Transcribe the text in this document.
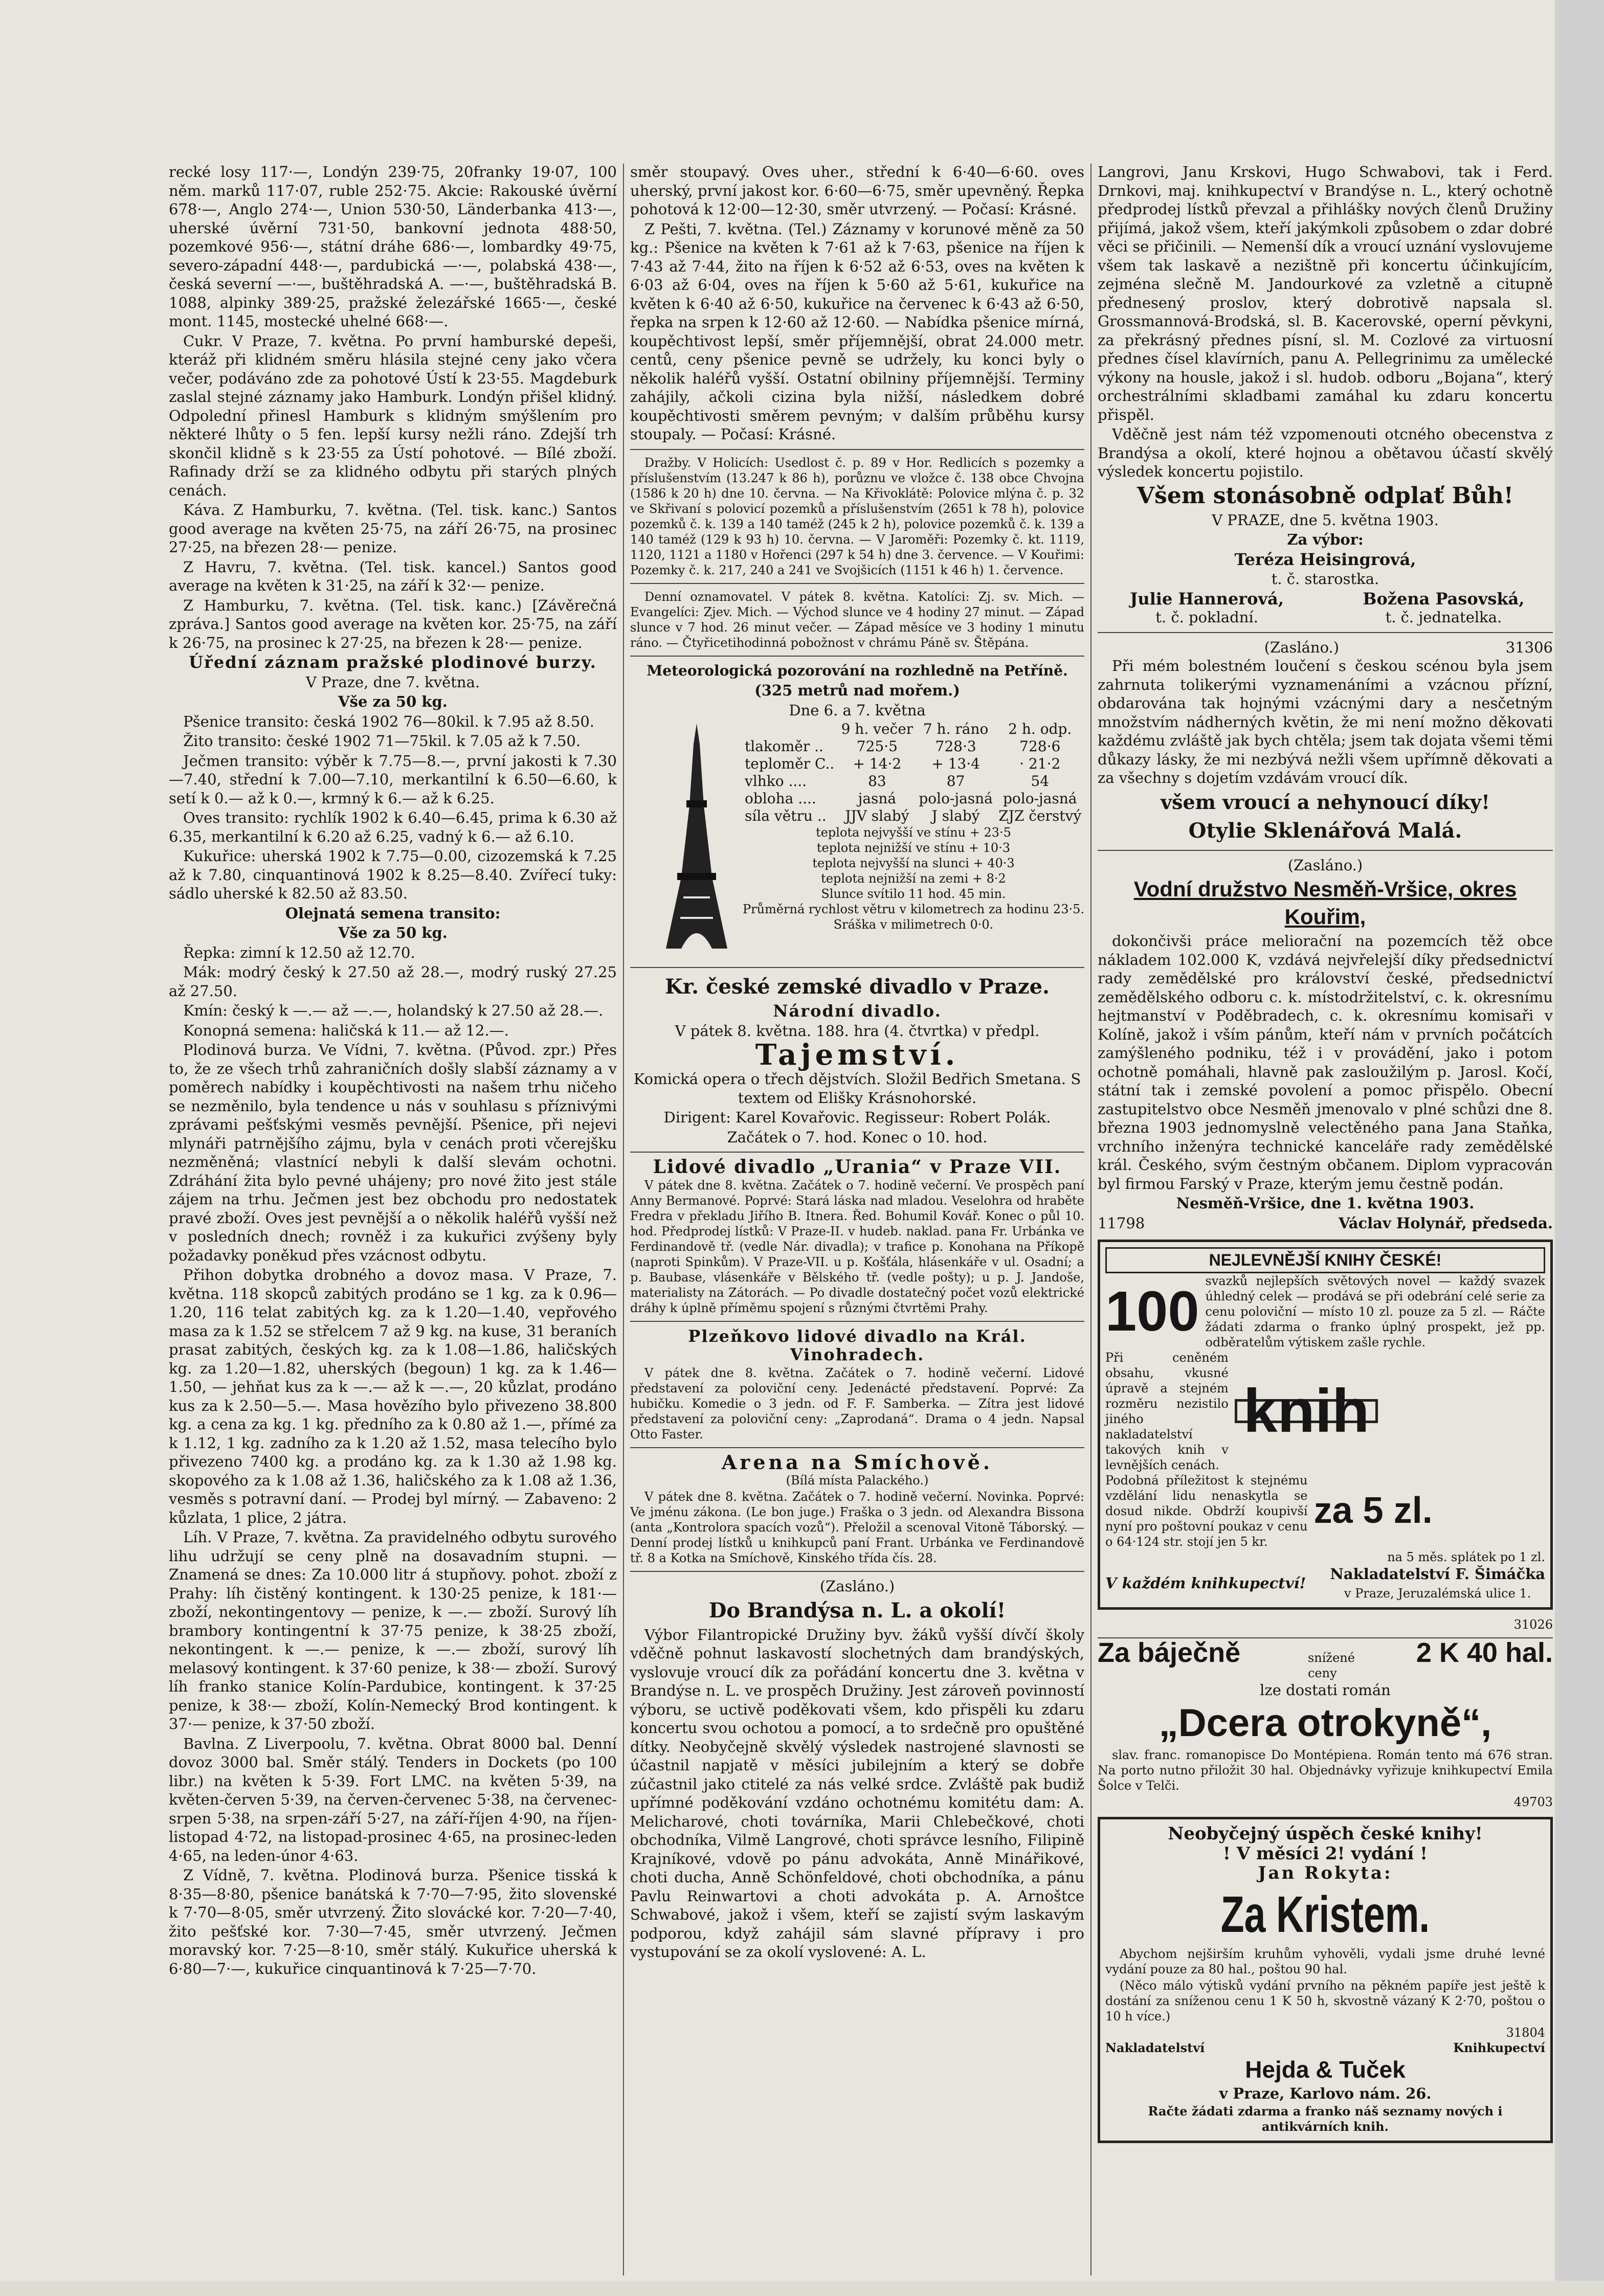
recké losy 117·—, Londýn 239·75, 20franky 19·07, 100 něm. marků 117·07, ruble 252·75. Akcie: Rakouské úvěrní 678·—, Anglo 274·—, Union 530·50, Länderbanka 413·—, uherské úvěrní 731·50, bankovní jednota 488·50, pozemkové 956·—, státní dráhe 686·—, lombardky 49·75, severo-západní 448·—, pardubická —·—, polabská 438·—, česká severní —·—, buštěhradská A. —·—, buštěhradská B. 1088, alpinky 389·25, pražské železářské 1665·—, české mont. 1145, mostecké uhelné 668·—.

Cukr. V Praze, 7. května. Po první hamburské depeši, kteráž při klidném směru hlásila stejné ceny jako včera večer, podáváno zde za pohotové Ústí k 23·55. Magdeburk zaslal stejné záznamy jako Hamburk. Londýn přišel klidný. Odpolední přinesl Hamburk s klidným smýšlením pro některé lhůty o 5 fen. lepší kursy nežli ráno. Zdejší trh skončil klidně s k 23·55 za Ústí pohotové. — Bílé zboží. Rafinady drží se za klidného odbytu při starých plných cenách.

Káva. Z Hamburku, 7. května. (Tel. tisk. kanc.) Santos good average na květen 25·75, na září 26·75, na prosinec 27·25, na březen 28·— penize.

Z Havru, 7. května. (Tel. tisk. kancel.) Santos good average na květen k 31·25, na září k 32·— penize.

Z Hamburku, 7. května. (Tel. tisk. kanc.) [Závěrečná zpráva.] Santos good average na květen kor. 25·75, na září k 26·75, na prosinec k 27·25, na březen k 28·— penize.

Úřední záznam pražské plodinové burzy.

V Praze, dne 7. května.

Vše za 50 kg.

Pšenice transito: česká 1902 76—80kil. k 7.95 až 8.50.

Žito transito: české 1902 71—75kil. k 7.05 až k 7.50.

Ječmen transito: výběr k 7.75—8.—, první jakosti k 7.30—7.40, střední k 7.00—7.10, merkantilní k 6.50—6.60, k setí k 0.— až k 0.—, krmný k 6.— až k 6.25.

Oves transito: rychlík 1902 k 6.40—6.45, prima k 6.30 až 6.35, merkantilní k 6.20 až 6.25, vadný k 6.— až 6.10.

Kukuřice: uherská 1902 k 7.75—0.00, cizozemská k 7.25 až k 7.80, cinquantinová 1902 k 8.25—8.40. Zvířecí tuky: sádlo uherské k 82.50 až 83.50.

Olejnatá semena transito:

Vše za 50 kg.

Řepka: zimní k 12.50 až 12.70.

Mák: modrý český k 27.50 až 28.—, modrý ruský 27.25 až 27.50.

Kmín: český k —.— až —.—, holandský k 27.50 až 28.—.

Konopná semena: haličská k 11.— až 12.—.

Plodinová burza. Ve Vídni, 7. května. (Původ. zpr.) Přes to, že ze všech trhů zahraničních došly slabší záznamy a v poměrech nabídky i koupěchtivosti na našem trhu ničeho se nezměnilo, byla tendence u nás v souhlasu s příznivými zprávami pešťskými vesměs pevnější. Pšenice, při nejevi mlynáři patrnějšího zájmu, byla v cenách proti včerejšku nezměněná; vlastnící nebyli k další slevám ochotni. Zdráhání žita bylo pevné uhájeny; pro nové žito jest stále zájem na trhu. Ječmen jest bez obchodu pro nedostatek pravé zboží. Oves jest pevnější a o několik haléřů vyšší než v posledních dnech; rovněž i za kukuřici zvýšeny byly požadavky poněkud přes vzácnost odbytu.

Přihon dobytka drobného a dovoz masa. V Praze, 7. května. 118 skopců zabitých prodáno se 1 kg. za k 0.96—1.20, 116 telat zabitých kg. za k 1.20—1.40, vepřového masa za k 1.52 se střelcem 7 až 9 kg. na kuse, 31 beraních prasat zabitých, českých kg. za k 1.08—1.86, haličských kg. za 1.20—1.82, uherských (begoun) 1 kg. za k 1.46—1.50, — jehňat kus za k —.— až k —.—, 20 kůzlat, prodáno kus za k 2.50—5.—. Masa hovězího bylo přivezeno 38.800 kg. a cena za kg. 1 kg. předního za k 0.80 až 1.—, přímé za k 1.12, 1 kg. zadního za k 1.20 až 1.52, masa telecího bylo přivezeno 7400 kg. a prodáno kg. za k 1.30 až 1.98 kg. skopového za k 1.08 až 1.36, haličského za k 1.08 až 1.36, vesměs s potravní daní. — Prodej byl mírný. — Zabaveno: 2 kůzlata, 1 plice, 2 játra.

Líh. V Praze, 7. května. Za pravidelného odbytu surového lihu udržují se ceny plně na dosavadním stupni. — Znamená se dnes: Za 10.000 litr á stupňovy. pohot. zboží z Prahy: líh čistěný kontingent. k 130·25 penize, k 181·— zboží, nekontingentovy — penize, k —.— zboží. Surový líh brambory kontingentní k 37·75 penize, k 38·25 zboží, nekontingent. k —.— penize, k —.— zboží, surový líh melasový kontingent. k 37·60 penize, k 38·— zboží. Surový líh franko stanice Kolín-Pardubice, kontingent. k 37·25 penize, k 38·— zboží, Kolín-Nemecký Brod kontingent. k 37·— penize, k 37·50 zboží.

Bavlna. Z Liverpoolu, 7. května. Obrat 8000 bal. Denní dovoz 3000 bal. Směr stálý. Tenders in Dockets (po 100 libr.) na květen k 5·39. Fort LMC. na květen 5·39, na květen-červen 5·39, na červen-červenec 5·38, na červenec-srpen 5·38, na srpen-září 5·27, na září-říjen 4·90, na říjen-listopad 4·72, na listopad-prosinec 4·65, na prosinec-leden 4·65, na leden-únor 4·63.

Z Vídně, 7. května. Plodinová burza. Pšenice tisská k 8·35—8·80, pšenice banátská k 7·70—7·95, žito slovenské k 7·70—8·05, směr utvrzený. Žito slovácké kor. 7·20—7·40, žito pešťské kor. 7·30—7·45, směr utvrzený. Ječmen moravský kor. 7·25—8·10, směr stálý. Kukuřice uherská k 6·80—7·—, kukuřice cinquantinová k 7·25—7·70.

směr stoupavý. Oves uher., střední k 6·40—6·60. oves uherský, první jakost kor. 6·60—6·75, směr upevněný. Řepka pohotová k 12·00—12·30, směr utvrzený. — Počasí: Krásné.

Z Pešti, 7. května. (Tel.) Záznamy v korunové měně za 50 kg.: Pšenice na květen k 7·61 až k 7·63, pšenice na říjen k 7·43 až 7·44, žito na říjen k 6·52 až 6·53, oves na květen k 6·03 až 6·04, oves na říjen k 5·60 až 5·61, kukuřice na květen k 6·40 až 6·50, kukuřice na červenec k 6·43 až 6·50, řepka na srpen k 12·60 až 12·60. — Nabídka pšenice mírná, koupěchtivost lepší, směr příjemnější, obrat 24.000 metr. centů, ceny pšenice pevně se udržely, ku konci byly o několik haléřů vyšší. Ostatní obilniny příjemnější. Terminy zahájily, ačkoli cizina byla nižší, následkem dobré koupěchtivosti směrem pevným; v dalším průběhu kursy stoupaly. — Počasí: Krásné.

Dražby. V Holicích: Usedlost č. p. 89 v Hor. Redlicích s pozemky a příslušenstvím (13.247 k 86 h), porůznu ve vložce č. 138 obce Chvojna (1586 k 20 h) dne 10. června. — Na Křivoklátě: Polovice mlýna č. p. 32 ve Skřivaní s polovicí pozemků a příslušenstvím (2651 k 78 h), polovice pozemků č. k. 139 a 140 taméž (245 k 2 h), polovice pozemků č. k. 139 a 140 taméž (129 k 93 h) 10. června. — V Jaroměři: Pozemky č. kt. 1119, 1120, 1121 a 1180 v Hořenci (297 k 54 h) dne 3. července. — V Kouřimi: Pozemky č. k. 217, 240 a 241 ve Svojšicích (1151 k 46 h) 1. července.

Denní oznamovatel. V pátek 8. května. Katolíci: Zj. sv. Mich. — Evangelíci: Zjev. Mich. — Východ slunce ve 4 hodiny 27 minut. — Západ slunce v 7 hod. 26 minut večer. — Západ měsíce ve 3 hodiny 1 minutu ráno. — Čtyřicetihodinná pobožnost v chrámu Páně sv. Štěpána.

Meteorologická pozorování na rozhledně na Petříně.

(325 metrů nad mořem.)

Dne 6. a 7. května

	9 h. večer	7 h. ráno	2 h. odp.
tlakoměr ..	725·5	728·3	728·6
teploměr C..	+ 14·2	+ 13·4	· 21·2
vlhko ....	83	87	54
obloha ....	jasná	polo-jasná	polo-jasná
síla větru ..	JJV slabý	J slabý	ZJZ čerstvý
teplota nejvyšší ve stínu + 23·5
teplota nejnižší ve stínu + 10·3
teplota nejvyšší na slunci + 40·3
teplota nejnižší na zemi + 8·2
Slunce svítilo 11 hod. 45 min.
Průměrná rychlost větru v kilometrech za hodinu 23·5.
Sráška v milimetrech 0·0.

Kr. české zemské divadlo v Praze.

Národní divadlo.

V pátek 8. května. 188. hra (4. čtvrtka) v předpl.

Tajemství.

Komická opera o třech dějstvích. Složil Bedřich Smetana. S textem od Elišky Krásnohorské.

Dirigent: Karel Kovařovic. Regisseur: Robert Polák.

Začátek o 7. hod. Konec o 10. hod.

Lidové divadlo „Urania“ v Praze VII.

V pátek dne 8. května. Začátek o 7. hodině večerní. Ve prospěch paní Anny Bermanové. Poprvé: Stará láska nad mladou. Veselohra od hraběte Fredra v překladu Jiřího B. Itnera. Řed. Bohumil Kovář. Konec o půl 10. hod. Předprodej lístků: V Praze-II. v hudeb. naklad. pana Fr. Urbánka ve Ferdinandově tř. (vedle Nár. divadla); v trafice p. Konohana na Příkopě (naproti Spinkům). V Praze-VII. u p. Košťála, hlásenkáře v ul. Osadní; a p. Baubase, vlásenkáře v Bělského tř. (vedle pošty); u p. J. Jandoše, materialisty na Zátorách. — Po divadle dostatečný počet vozů elektrické dráhy k úplně příměmu spojení s různými čtvrtěmi Prahy.

Plzeňkovo lidové divadlo na Král. Vinohradech.

V pátek dne 8. května. Začátek o 7. hodině večerní. Lidové představení za poloviční ceny. Jedenácté představení. Poprvé: Za hubičku. Komedie o 3 jedn. od F. F. Samberka. — Zítra jest lidové představení za poloviční ceny: „Zaprodaná“. Drama o 4 jedn. Napsal Otto Faster.

Arena na Smíchově.

(Bílá místa Palackého.)

V pátek dne 8. května. Začátek o 7. hodině večerní. Novinka. Poprvé: Ve jménu zákona. (Le bon juge.) Fraška o 3 jedn. od Alexandra Bissona (anta „Kontrolora spacích vozů“). Přeložil a scenoval Vitoně Táborský. — Denní prodej lístků u knihkupců paní Frant. Urbánka ve Ferdinandově tř. 8 a Kotka na Smíchově, Kinského třída čís. 28.

(Zasláno.)

Do Brandýsa n. L. a okolí!

Výbor Filantropické Družiny byv. žáků vyšší dívčí školy vděčně pohnut laskavostí slochetných dam brandýských, vyslovuje vroucí dík za pořádání koncertu dne 3. května v Brandýse n. L. ve prospěch Družiny. Jest zároveň povinností výboru, se uctivě poděkovati všem, kdo přispěli ku zdaru koncertu svou ochotou a pomocí, a to srdečně pro opuštěné dítky. Neobyčejně skvělý výsledek nastrojené slavnosti se účastnil napjatě v měsíci jubilejním a který se dobře zúčastnil jako ctitelé za nás velké srdce. Zvláště pak budiž upřímné poděkování vzdáno ochotnému komitétu dam: A. Melicharové, choti továrníka, Marii Chlebečkové, choti obchodníka, Vilmě Langrové, choti správce lesního, Filipině Krajníkové, vdově po pánu advokáta, Anně Minářikové, choti ducha, Anně Schönfeldové, choti obchodníka, a pánu Pavlu Reinwartovi a choti advokáta p. A. Arnoštce Schwabové, jakož i všem, kteří se zajistí svým laskavým podporou, když zahájil sám slavné přípravy i pro vystupování se za okolí vyslovené: A. L.

Langrovi, Janu Krskovi, Hugo Schwabovi, tak i Ferd. Drnkovi, maj. knihkupectví v Brandýse n. L., který ochotně předprodej lístků převzal a přihlášky nových členů Družiny přijímá, jakož všem, kteří jakýmkoli způsobem o zdar dobré věci se přičinili. — Nemenší dík a vroucí uznání vyslovujeme všem tak laskavě a nezištně při koncertu účinkujícím, zejména slečně M. Jandourkové za vzletně a citupně přednesený proslov, který dobrotivě napsala sl. Grossmannová-Brodská, sl. B. Kacerovské, operní pěvkyni, za překrásný přednes písní, sl. M. Cozlové za virtuosní přednes čísel klavírních, panu A. Pellegrinimu za umělecké výkony na housle, jakož i sl. hudob. odboru „Bojana“, který orchestrálními skladbami zamáhal ku zdaru koncertu přispěl.

Vděčně jest nám též vzpomenouti otcného obecenstva z Brandýsa a okolí, které hojnou a obětavou účastí skvělý výsledek koncertu pojistilo.

Všem stonásobně odplať Bůh!

V PRAZE, dne 5. května 1903.

Za výbor:

Teréza Heisingrová,

t. č. starostka.

Julie Hannerová,
t. č. pokladní.
Božena Pasovská,
t. č. jednatelka.
(Zasláno.)	31306

Při mém bolestném loučení s českou scénou byla jsem zahrnuta tolikerými vyznamenáními a vzácnou přízní, obdarována tak hojnými vzácnými dary a nesčetným množstvím nádherných květin, že mi není možno děkovati každému zvláště jak bych chtěla; jsem tak dojata všemi těmi důkazy lásky, že mi nezbývá nežli všem upřímně děkovati a za všechny s dojetím vzdávám vroucí dík.

všem vroucí a nehynoucí díky!

Otylie Sklenářová Malá.

(Zasláno.)

Vodní družstvo Nesměň-Vršice, okres Kouřim,

dokončivši práce meliorační na pozemcích těž obce nákladem 102.000 K, vzdává nejvřelejší díky předsednictví rady zemědělské pro království české, předsednictví zemědělského odboru c. k. místodržitelství, c. k. okresnímu hejtmanství v Poděbradech, c. k. okresnímu komisaři v Kolíně, jakož i vším pánům, kteří nám v prvních počátcích zamýšleného podniku, též i v provádění, jako i potom ochotně pomáhali, hlavně pak zasloužilým p. Jarosl. Kočí, státní tak i zemské povolení a pomoc přispělo. Obecní zastupitelstvo obce Nesměň jmenovalo v plné schůzi dne 8. března 1903 jednomyslně velectěného pana Jana Staňka, vrchního inženýra technické kanceláře rady zemědělské král. Českého, svým čestným občanem. Diplom vypracován byl firmou Farský v Praze, kterým jemu čestně podán.

Nesměň-Vršice, dne 1. května 1903.

11798	Václav Holynář, předseda.
NEJLEVNĚJŠÍ KNIHY ČESKÉ!
100 svazků nejlepších světových novel — každý svazek úhledný celek — prodává se při odebrání celé serie za cenu poloviční — místo 10 zl. pouze za 5 zl. — Ráčte žádati zdarma o franko úplný prospekt, jež pp. odběratelům výtiskem zašle rychle.
Při ceněném obsahu, vkusné úpravě a stejném rozměru nezistilo jiného nakladatelství takových knih v levnějších cenách.
knih
Podobná příležitost k stejnému vzdělání lidu nenaskytla se dosud nikde. Obdrží koupivší nyní pro poštovní poukaz v cenu o 64·124 str. stojí jen 5 kr.
za 5 zl.
na 5 měs. splátek po 1 zl.
V každém knihkupectví!
Nakladatelství F. Šimáčka
v Praze, Jeruzalémská ulice 1.
31026
Za báječně	snížené ceny
2 K 40 hal.

lze dostati román

„Dcera otrokyně“,

slav. franc. romanopisce Do Montépiena. Román tento má 676 stran. Na porto nutno přiložit 30 hal. Objednávky vyřizuje knihkupectví Emila Šolce v Telči.

49703

Neobyčejný úspěch české knihy!

! V měsíci 2! vydání !

Jan Rokyta:

Za Kristem.

Abychom nejširším kruhům vyhověli, vydali jsme druhé levné vydání pouze za 80 hal., poštou 90 hal.

(Něco málo výtisků vydání prvního na pěkném papíře jest ještě k dostání za sníženou cenu 1 K 50 h, skvostně vázaný K 2·70, poštou o 10 h více.)

31804
Nakladatelství	Knihkupectví

Hejda & Tuček

v Praze, Karlovo nám. 26.

Račte žádati zdarma a franko náš seznamy nových i antikvárních knih.
